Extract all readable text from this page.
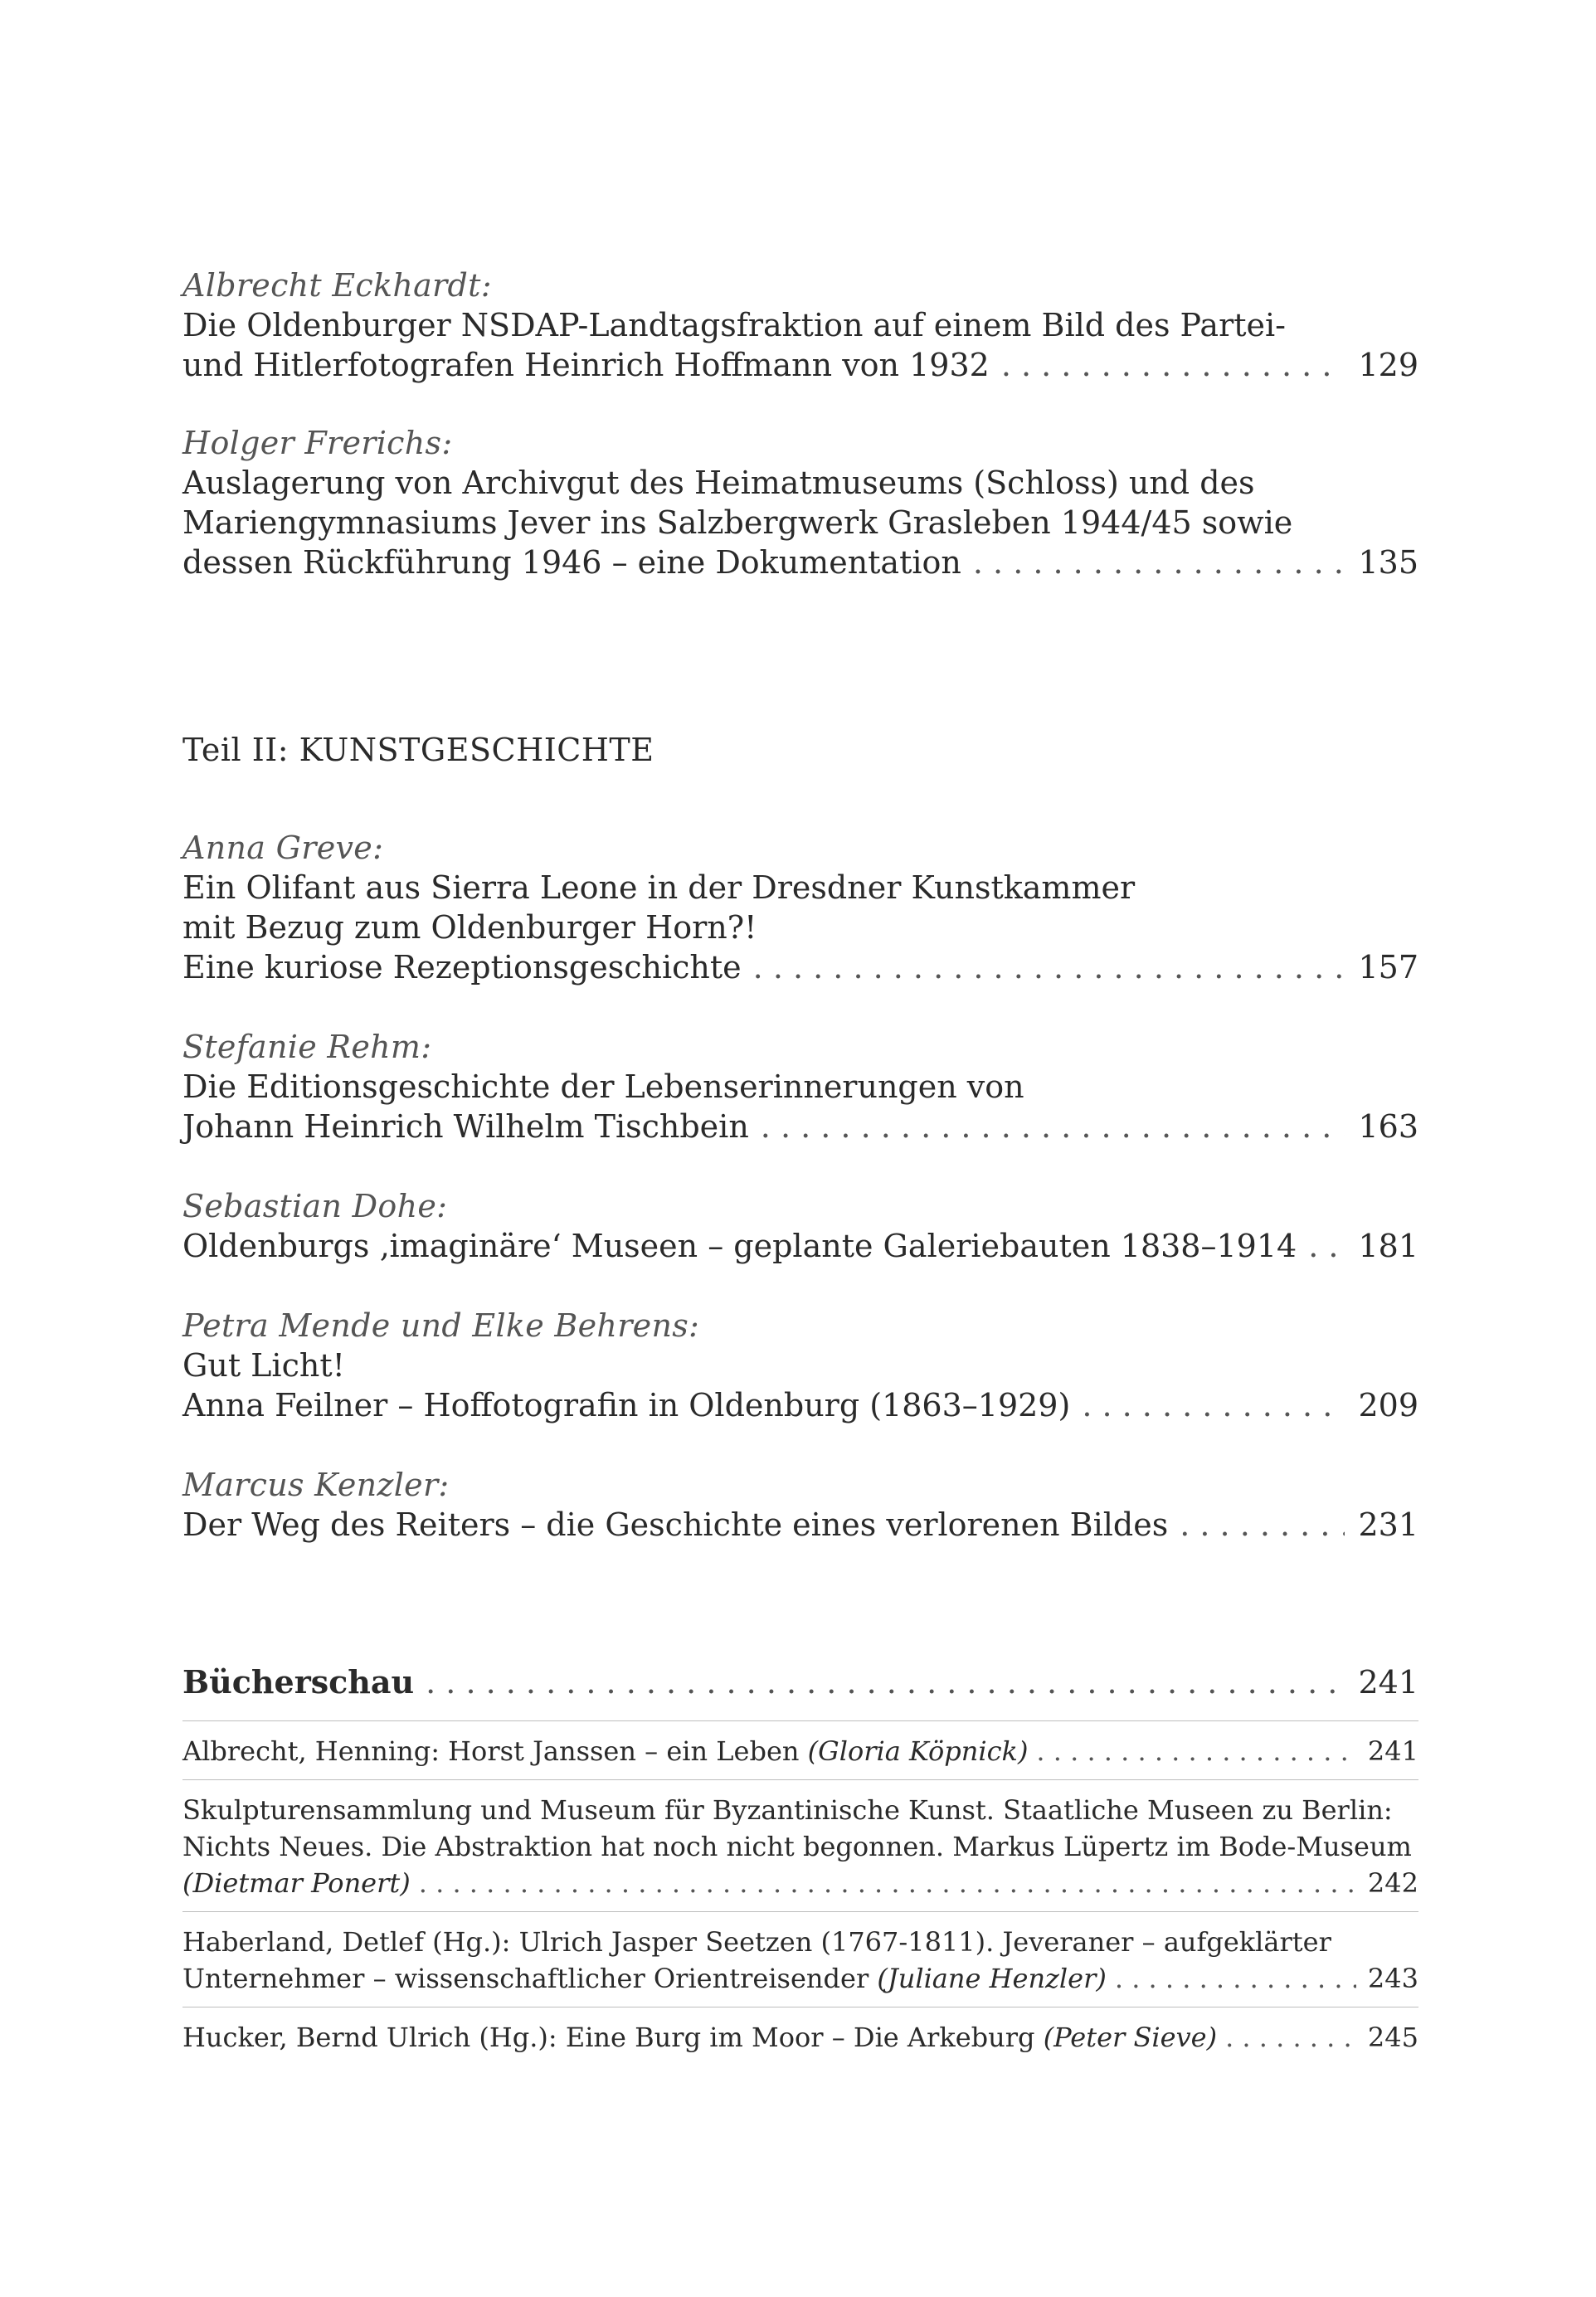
Albrecht Eckhardt:
Die Oldenburger NSDAP-Landtagsfraktion auf einem Bild des Partei-
und Hitlerfotografen Heinrich Hoffmann von 1932 . . .	129
Holger Frerichs:
Auslagerung von Archivgut des Heimatmuseums (Schloss) und des
Mariengymnasiums Jever ins Salzbergwerk Grasleben 1944/45 sowie
dessen Rückführung 1946 – eine Dokumentation . . .	135
Teil II: KUNSTGESCHICHTE
Anna Greve:
Ein Olifant aus Sierra Leone in der Dresdner Kunstkammer
mit Bezug zum Oldenburger Horn?!
Eine kuriose Rezeptionsgeschichte . . .	157
Stefanie Rehm:
Die Editionsgeschichte der Lebenserinnerungen von
Johann Heinrich Wilhelm Tischbein . . .	163
Sebastian Dohe:
Oldenburgs ‚imaginäre‘ Museen – geplante Galeriebauten 1838–1914 . . . 181
Petra Mende und Elke Behrens:
Gut Licht!
Anna Feilner – Hoffotografin in Oldenburg (1863–1929) . . .	209
Marcus Kenzler:
Der Weg des Reiters – die Geschichte eines verlorenen Bildes . . .	231
Bücherschau . . .	241
Albrecht, Henning: Horst Janssen – ein Leben (Gloria Köpnick) . . .	241
Skulpturensammlung und Museum für Byzantinische Kunst. Staatliche Museen zu Berlin:
Nichts Neues. Die Abstraktion hat noch nicht begonnen. Markus Lüpertz im Bode-Museum
(Dietmar Ponert) . . .	242
Haberland, Detlef (Hg.): Ulrich Jasper Seetzen (1767-1811). Jeveraner – aufgeklärter
Unternehmer – wissenschaftlicher Orientreisender (Juliane Henzler) . . .	243
Hucker, Bernd Ulrich (Hg.): Eine Burg im Moor – Die Arkeburg (Peter Sieve) . . .	245
